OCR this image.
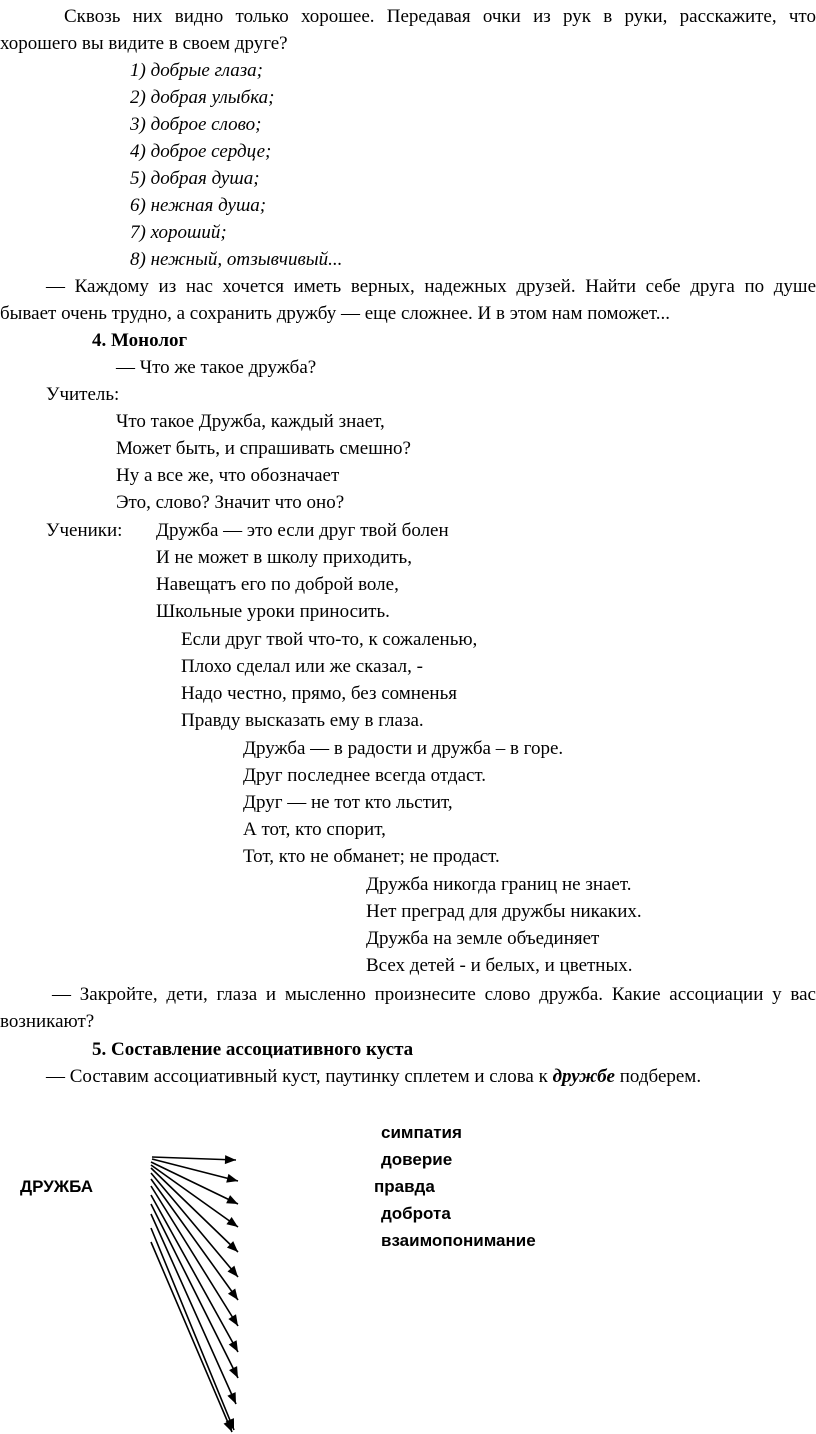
Сквозь них видно только хорошее. Передавая очки из рук в руки, расскажите, что
хорошего вы видите в своем друге?
1) добрые глаза;
2) добрая улыбка;
3) доброе слово;
4) доброе сердце;
5) добрая душа;
6) нежная душа;
7) хороший;
8) нежный, отзывчивый...
— Каждому из нас хочется иметь верных, надежных друзей. Найти себе друга по душе
бывает очень трудно, а сохранить дружбу — еще сложнее. И в этом нам поможет...
4. Монолог
— Что же такое дружба?
Учитель:
Что такое Дружба, каждый знает,
Может быть, и спрашивать смешно?
Ну а все же, что обозначает
Это, слово? Значит что оно?
Ученики: Дружба — это если друг твой болен
И не может в школу приходить,
Навещатъ его по доброй воле,
Школьные уроки приносить.
Если друг твой что-то, к сожаленью,
Плохо сделал или же сказал, -
Надо честно, прямо, без сомненья
Правду высказать ему в глаза.
Дружба — в радости и дружба – в горе.
Друг последнее всегда отдаст.
Друг — не тот кто льстит,
А тот, кто спорит,
Тот, кто не обманет; не продаст.
Дружба никогда границ не знает.
Нет преград для дружбы никаких.
Дружба на земле объединяет
Всех детей - и белых, и цветных.
— Закройте, дети, глаза и мысленно произнесите слово дружба. Какие ассоциации у вас
возникают?
5. Составление ассоциативного куста
— Составим ассоциативный куст, паутинку сплетем и слова к дружбе подберем.
ДРУЖБА
симпатия
доверие
правда
доброта
взаимопонимание
